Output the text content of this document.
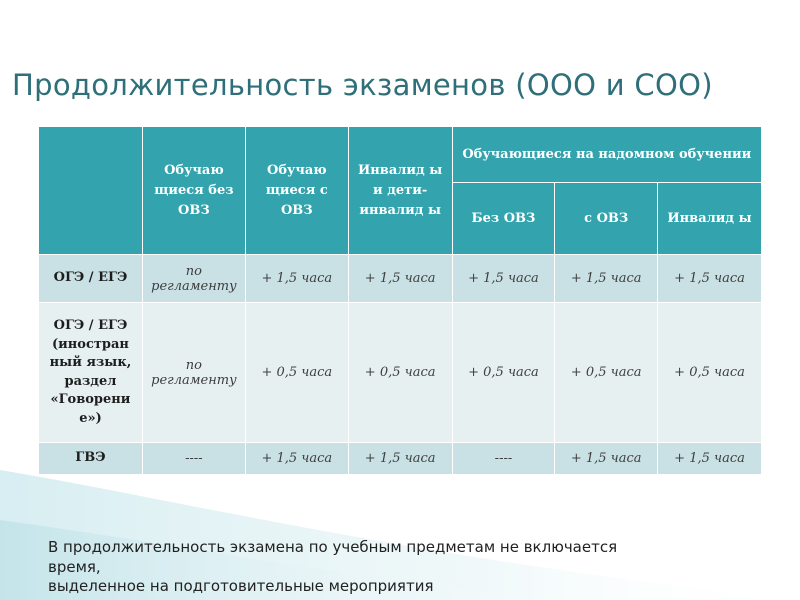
Продолжительность экзаменов (ООО и СОО)
	Обучаю щиеся без ОВЗ	Обучаю щиеся с ОВЗ	Инвалид ы и дети-инвалид ы	Обучающиеся на надомном обучении		
				Без ОВЗ	с ОВЗ	Инвалид ы
ОГЭ / ЕГЭ	по регламенту	+ 1,5 часа	+ 1,5 часа	+ 1,5 часа	+ 1,5 часа	+ 1,5 часа
ОГЭ / ЕГЭ (иностран ный язык, раздел «Говорени е»)	по регламенту	+ 0,5 часа	+ 0,5 часа	+ 0,5 часа	+ 0,5 часа	+ 0,5 часа
ГВЭ	----	+ 1,5 часа	+ 1,5 часа	----	+ 1,5 часа	+ 1,5 часа
В продолжительность экзамена по учебным предметам не включается
время,
выделенное на подготовительные мероприятия
